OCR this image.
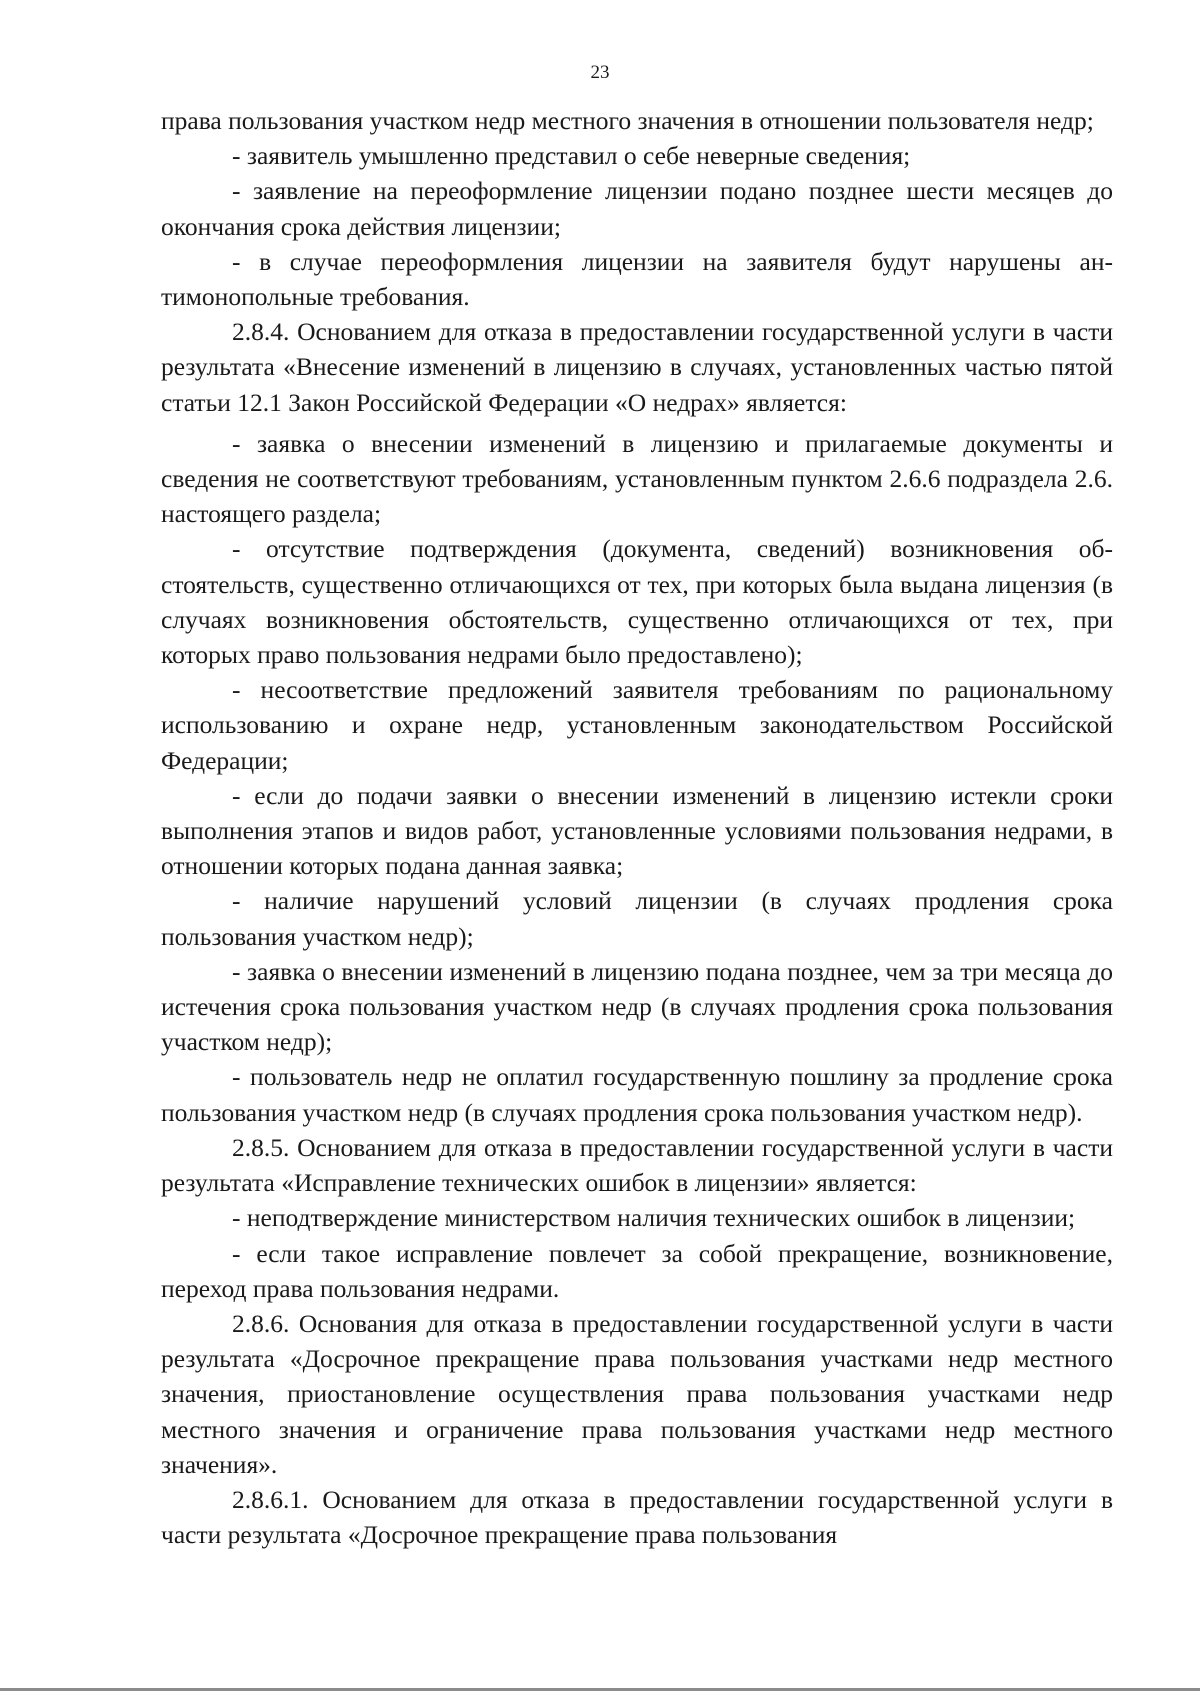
23

права пользования участком недр местного значения в отношении пользователя недр;

- заявитель умышленно представил о себе неверные сведения;

- заявление на переоформление лицензии подано позднее шести месяцев до окончания срока действия лицензии;

- в случае переоформления лицензии на заявителя будут нарушены антимонопольные требования.

2.8.4. Основанием для отказа в предоставлении государственной услуги в части результата «Внесение изменений в лицензию в случаях, установленных частью пятой статьи 12.1 Закон Российской Федерации «О недрах» является:

- заявка о внесении изменений в лицензию и прилагаемые документы и сведения не соответствуют требованиям, установленным пунктом 2.6.6 подраздела 2.6. настоящего раздела;

- отсутствие подтверждения (документа, сведений) возникновения обстоятельств, существенно отличающихся от тех, при которых была выдана лицензия (в случаях возникновения обстоятельств, существенно отличающихся от тех, при которых право пользования недрами было предоставлено);

- несоответствие предложений заявителя требованиям по рациональному использованию и охране недр, установленным законодательством Российской Федерации;

- если до подачи заявки о внесении изменений в лицензию истекли сроки выполнения этапов и видов работ, установленные условиями пользования недрами, в отношении которых подана данная заявка;

- наличие нарушений условий лицензии (в случаях продления срока пользования участком недр);

- заявка о внесении изменений в лицензию подана позднее, чем за три месяца до истечения срока пользования участком недр (в случаях продления срока пользования участком недр);

- пользователь недр не оплатил государственную пошлину за продление срока пользования участком недр (в случаях продления срока пользования участком недр).

2.8.5. Основанием для отказа в предоставлении государственной услуги в части результата «Исправление технических ошибок в лицензии» является:

- неподтверждение министерством наличия технических ошибок в лицензии;

- если такое исправление повлечет за собой прекращение, возникновение, переход права пользования недрами.

2.8.6. Основания для отказа в предоставлении государственной услуги в части результата «Досрочное прекращение права пользования участками недр местного значения, приостановление осуществления права пользования участками недр местного значения и ограничение права пользования участками недр местного значения».

2.8.6.1. Основанием для отказа в предоставлении государственной услуги в части результата «Досрочное прекращение права пользования
